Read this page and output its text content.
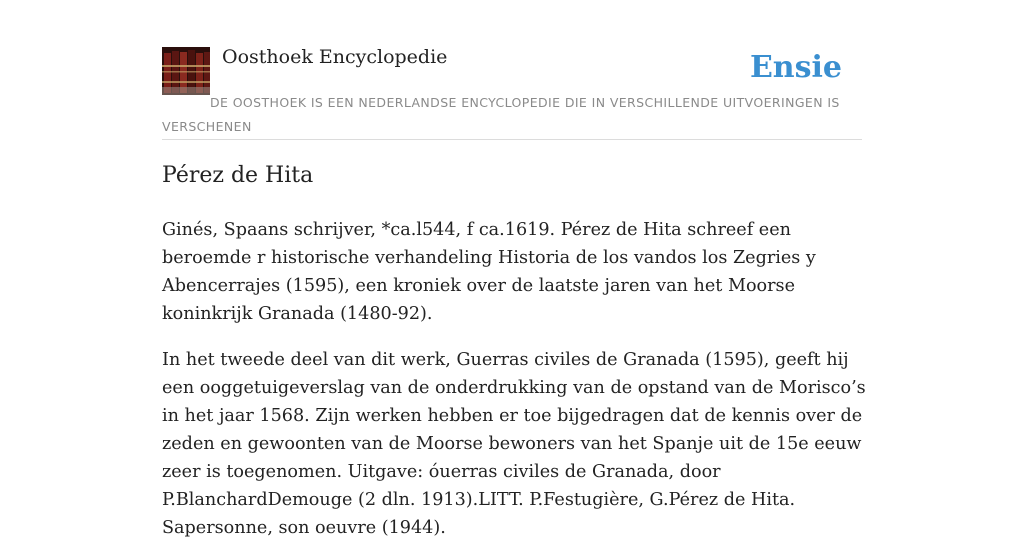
Oosthoek Encyclopedie	Ensie
DE OOSTHOEK IS EEN NEDERLANDSE ENCYCLOPEDIE DIE IN VERSCHILLENDE UITVOERINGEN IS VERSCHENEN
Pérez de Hita

Ginés, Spaans schrijver, *ca.l544, f ca.1619. Pérez de Hita schreef een beroemde r historische verhandeling Historia de los vandos los Zegries y Abencerrajes (1595), een kroniek over de laatste jaren van het Moorse koninkrijk Granada (1480-92).

In het tweede deel van dit werk, Guerras civiles de Granada (1595), geeft hij een ooggetuigeverslag van de onderdrukking van de opstand van de Morisco’s in het jaar 1568. Zijn werken hebben er toe bijgedragen dat de kennis over de zeden en gewoonten van de Moorse bewoners van het Spanje uit de 15e eeuw zeer is toegenomen. Uitgave: óuerras civiles de Granada, door P.BlanchardDemouge (2 dln. 1913).LITT. P.Festugière, G.Pérez de Hita. Sapersonne, son oeuvre (1944).
